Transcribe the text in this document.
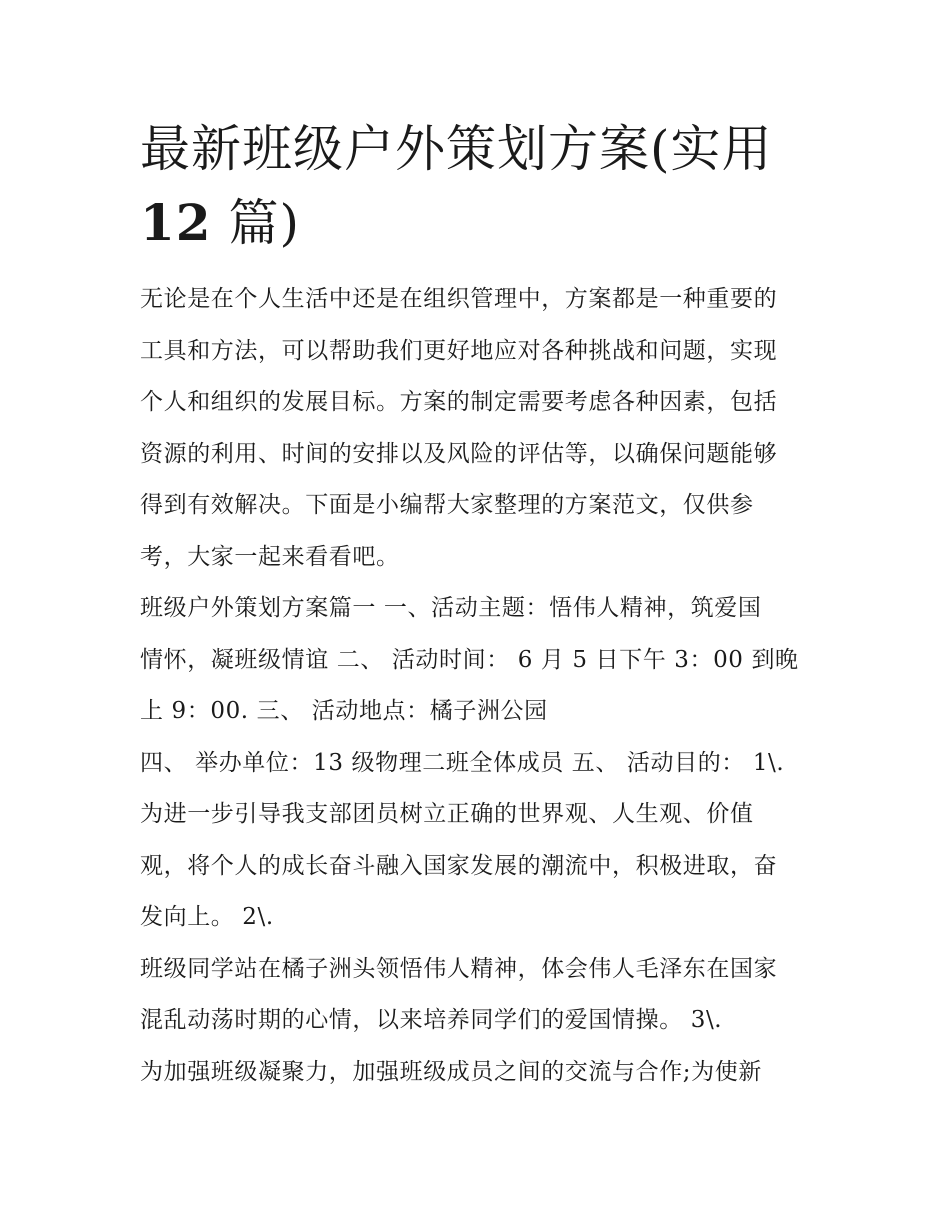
最新班级户外策划方案(实用
12 篇)

无论是在个人生活中还是在组织管理中，方案都是一种重要的
工具和方法，可以帮助我们更好地应对各种挑战和问题，实现
个人和组织的发展目标。方案的制定需要考虑各种因素，包括
资源的利用、时间的安排以及风险的评估等，以确保问题能够
得到有效解决。下面是小编帮大家整理的方案范文，仅供参
考，大家一起来看看吧。

班级户外策划方案篇一 一、活动主题：悟伟人精神，筑爱国
情怀，凝班级情谊 二、 活动时间： 6 月 5 日下午 3：00 到晚
上 9：00. 三、 活动地点：橘子洲公园

四、 举办单位：13 级物理二班全体成员 五、 活动目的： 1\.
为进一步引导我支部团员树立正确的世界观、人生观、价值
观，将个人的成长奋斗融入国家发展的潮流中，积极进取，奋
发向上。 2\.

班级同学站在橘子洲头领悟伟人精神，体会伟人毛泽东在国家
混乱动荡时期的心情，以来培养同学们的爱国情操。 3\.

为加强班级凝聚力，加强班级成员之间的交流与合作;为使新
